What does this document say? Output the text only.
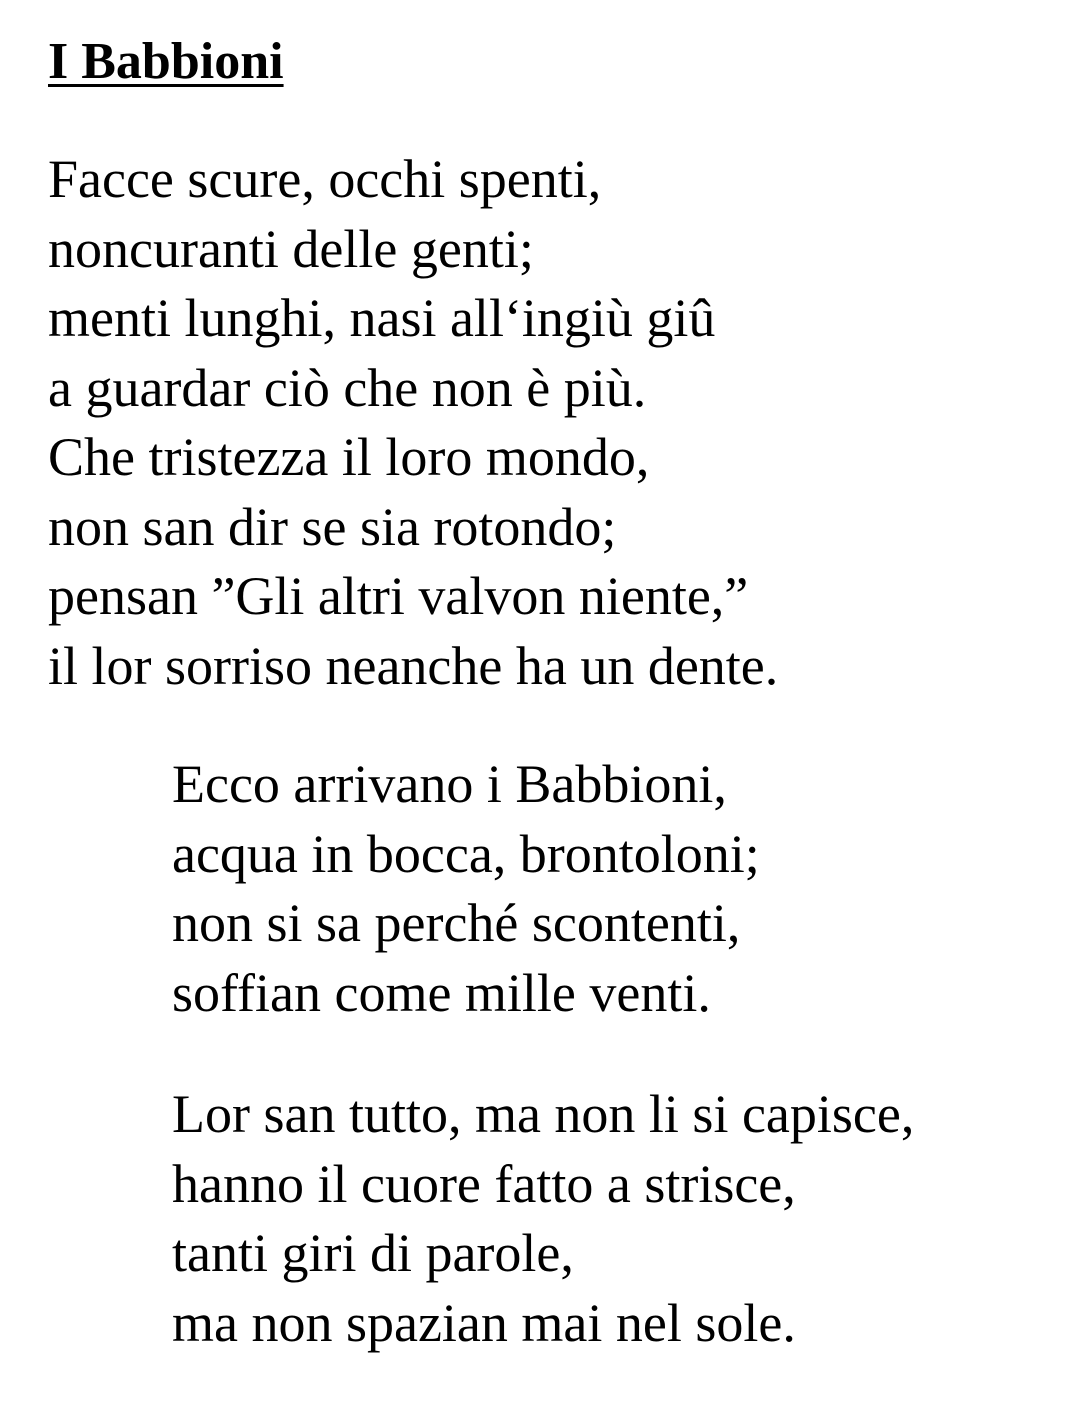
I Babbioni
Facce scure, occhi spenti,
noncuranti delle genti;
menti lunghi, nasi all‘ingiù giû
a guardar ciò che non è più.
Che tristezza il loro mondo,
non san dir se sia rotondo;
pensan ”Gli altri valvon niente,”
il lor sorriso neanche ha un dente.
Ecco arrivano i Babbioni,
acqua in bocca, brontoloni;
non si sa perché scontenti,
soffian come mille venti.
Lor san tutto, ma non li si capisce,
hanno il cuore fatto a strisce,
tanti giri di parole,
ma non spazian mai nel sole.
